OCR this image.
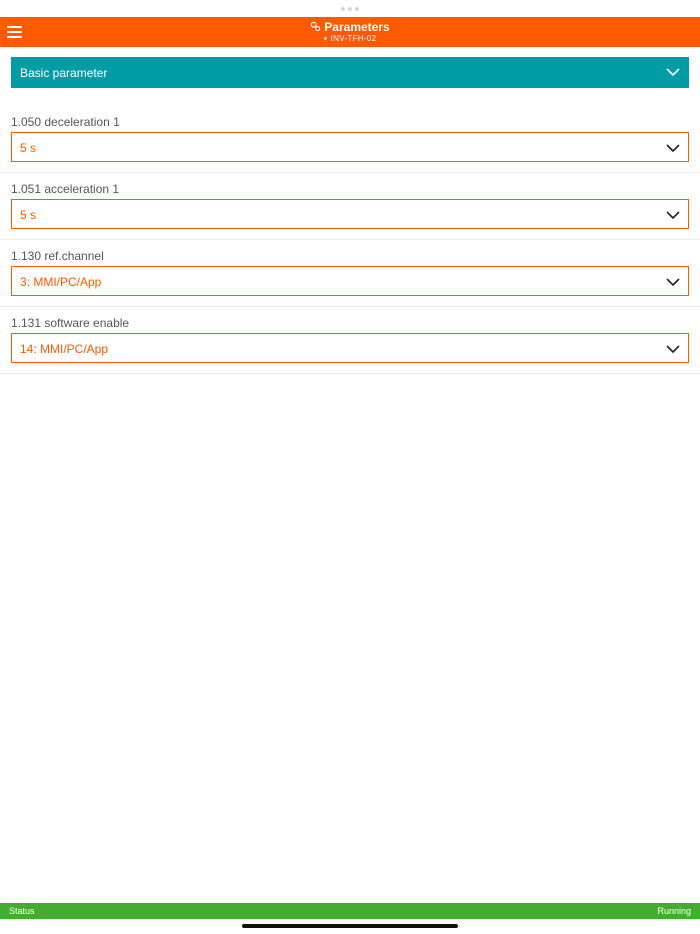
Parameters
INV-TFH-02
Basic parameter
1.050 deceleration 1
5 s
1.051 acceleration 1
5 s
1.130 ref.channel
3: MMI/PC/App
1.131 software enable
14: MMI/PC/App
Status	Running
